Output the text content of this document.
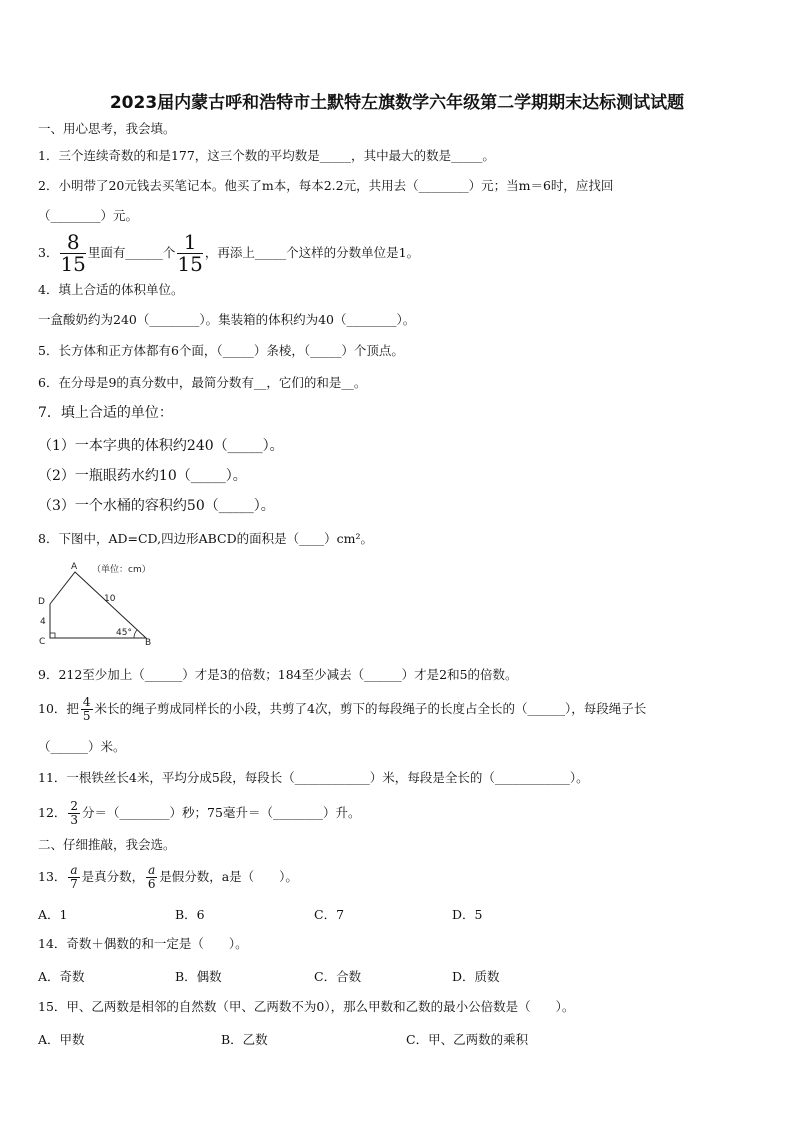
2023届内蒙古呼和浩特市土默特左旗数学六年级第二学期期末达标测试试题
一、用心思考，我会填。
1．三个连续奇数的和是177，这三个数的平均数是_____，其中最大的数是_____。
2．小明带了20元钱去买笔记本。他买了m本，每本2.2元，共用去（________）元；当m＝6时，应找回
（________）元。
3． $\frac{8}{15}$ 里面有______个 $\frac{1}{15}$ ，再添上_____个这样的分数单位是1。
4．填上合适的体积单位。
一盒酸奶约为240（________）。集装箱的体积约为40（________）。
5．长方体和正方体都有6个面，（_____）条棱，（_____）个顶点。
6．在分母是9的真分数中，最简分数有__，它们的和是__。
7．填上合适的单位：
（1）一本字典的体积约240（_____）。
（2）一瓶眼药水约10（_____）。
（3）一个水桶的容积约50（_____）。
8．下图中，AD=CD,四边形ABCD的面积是（____）cm²。
A （单位：cm）
D
4
C
10
45°
B
9．212至少加上（______）才是3的倍数；184至少减去（______）才是2和5的倍数。
10．把 $\frac{4}{5}$ 米长的绳子剪成同样长的小段，共剪了4次，剪下的每段绳子的长度占全长的（______），每段绳子长
（______）米。
11．一根铁丝长4米，平均分成5段，每段长（____________）米，每段是全长的（____________）。
12． $\frac{2}{3}$ 分＝（________）秒；75毫升＝（________）升。
二、仔细推敲，我会选。
13． $\frac{a}{7}$ 是真分数， $\frac{a}{6}$ 是假分数，a是（　　）。
A．1	B．6	C．7	D．5
14．奇数＋偶数的和一定是（　　）。
A．奇数	B．偶数	C．合数	D．质数
15．甲、乙两数是相邻的自然数（甲、乙两数不为0），那么甲数和乙数的最小公倍数是（　　）。
A．甲数	B．乙数	C．甲、乙两数的乘积
